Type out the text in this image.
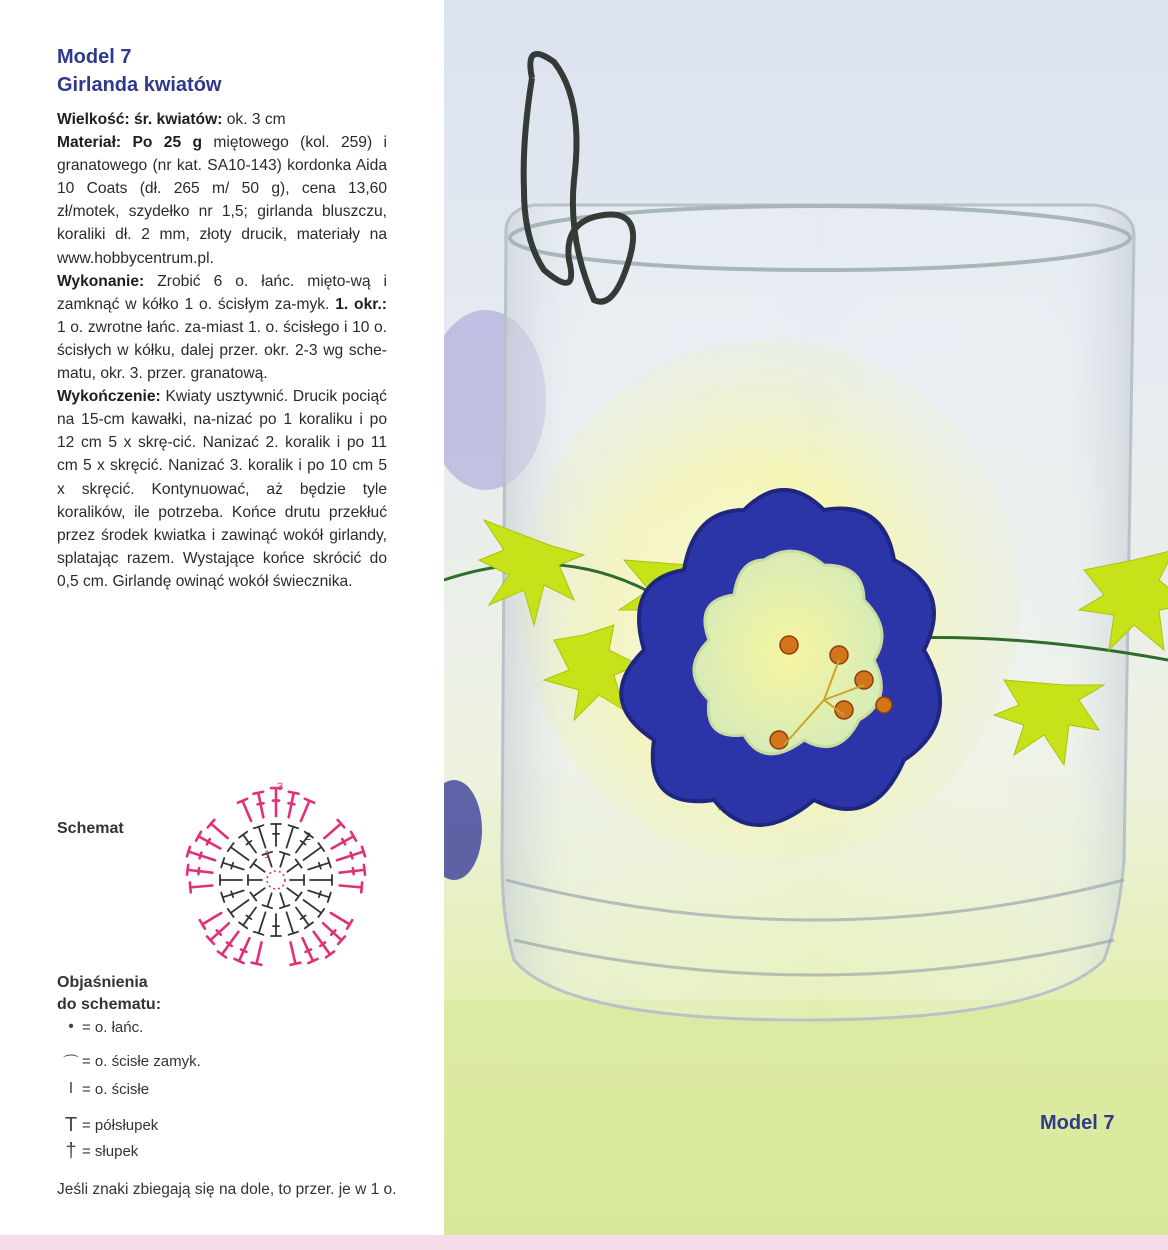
Model 7
Girlanda kwiatów

Wielkość: śr. kwiatów: ok. 3 cm

Materiał: Po 25 g miętowego (kol. 259) i granatowego (nr kat. SA10-143) kordonka Aida 10 Coats (dł. 265 m/ 50 g), cena 13,60 zł/motek, szydełko nr 1,5; girlanda bluszczu, koraliki dł. 2 mm, złoty drucik, materiały na www.hobbycentrum.pl.

Wykonanie: Zrobić 6 o. łańc. mięto-wą i zamknąć w kółko 1 o. ścisłym za-myk. 1. okr.: 1 o. zwrotne łańc. za-miast 1. o. ścisłego i 10 o. ścisłych w kółku, dalej przer. okr. 2-3 wg sche-matu, okr. 3. przer. granatową.

Wykończenie: Kwiaty usztywnić. Drucik pociąć na 15-cm kawałki, na-nizać po 1 koraliku i po 12 cm 5 x skrę-cić. Nanizać 2. koralik i po 11 cm 5 x skręcić. Nanizać 3. koralik i po 10 cm 5 x skręcić. Kontynuować, aż będzie tyle koralików, ile potrzeba. Końce drutu przekłuć przez środek kwiatka i zawinąć wokół girlandy, splatając razem. Wystające końce skrócić do 0,5 cm. Girlandę owinąć wokół świecznika.

Schemat
1
2
3
Objaśnienia
do schematu:
• = o. łańc.
⌒ = o. ścisłe zamyk.
I = o. ścisłe
T = półsłupek
† = słupek
Jeśli znaki zbiegają się na dole, to przer. je w 1 o.
Model 7
